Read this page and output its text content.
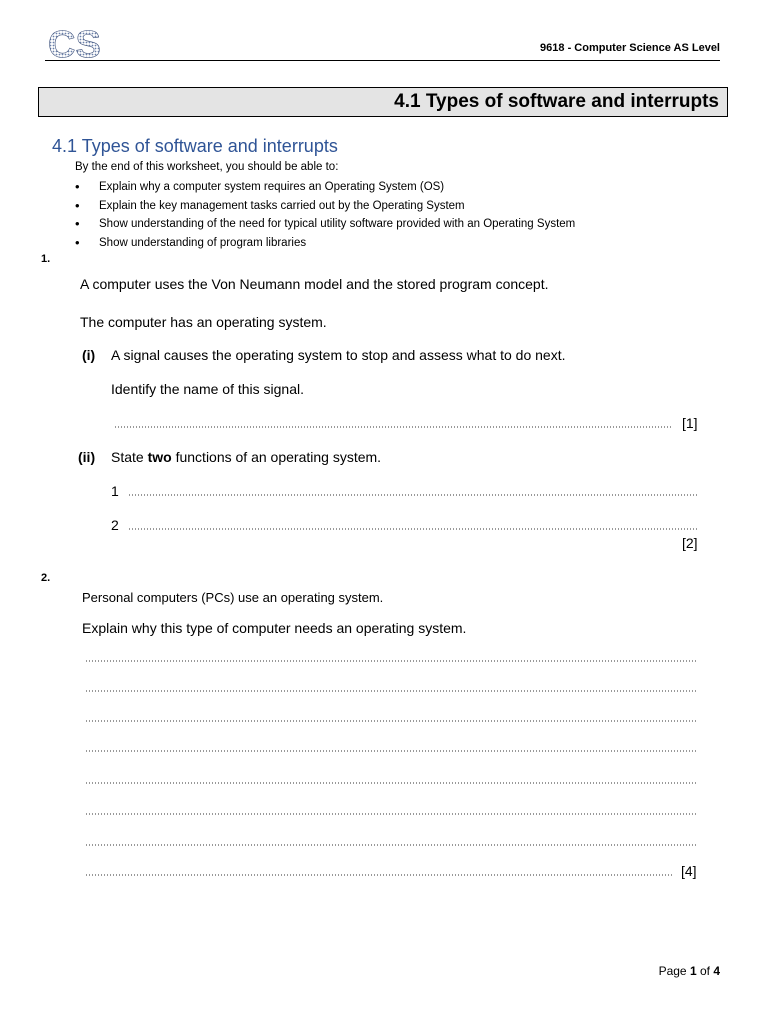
CS	9618 - Computer Science AS Level
4.1 Types of software and interrupts
4.1 Types of software and interrupts
By the end of this worksheet, you should be able to:
• Explain why a computer system requires an Operating System (OS)
• Explain the key management tasks carried out by the Operating System
• Show understanding of the need for typical utility software provided with an Operating System
• Show understanding of program libraries
1.
A computer uses the Von Neumann model and the stored program concept.
The computer has an operating system.
(i) A signal causes the operating system to stop and assess what to do next.
Identify the name of this signal.
[1]
(ii) State two functions of an operating system.
1
2
[2]
2.
Personal computers (PCs) use an operating system.
Explain why this type of computer needs an operating system.
[4]
Page 1 of 4
